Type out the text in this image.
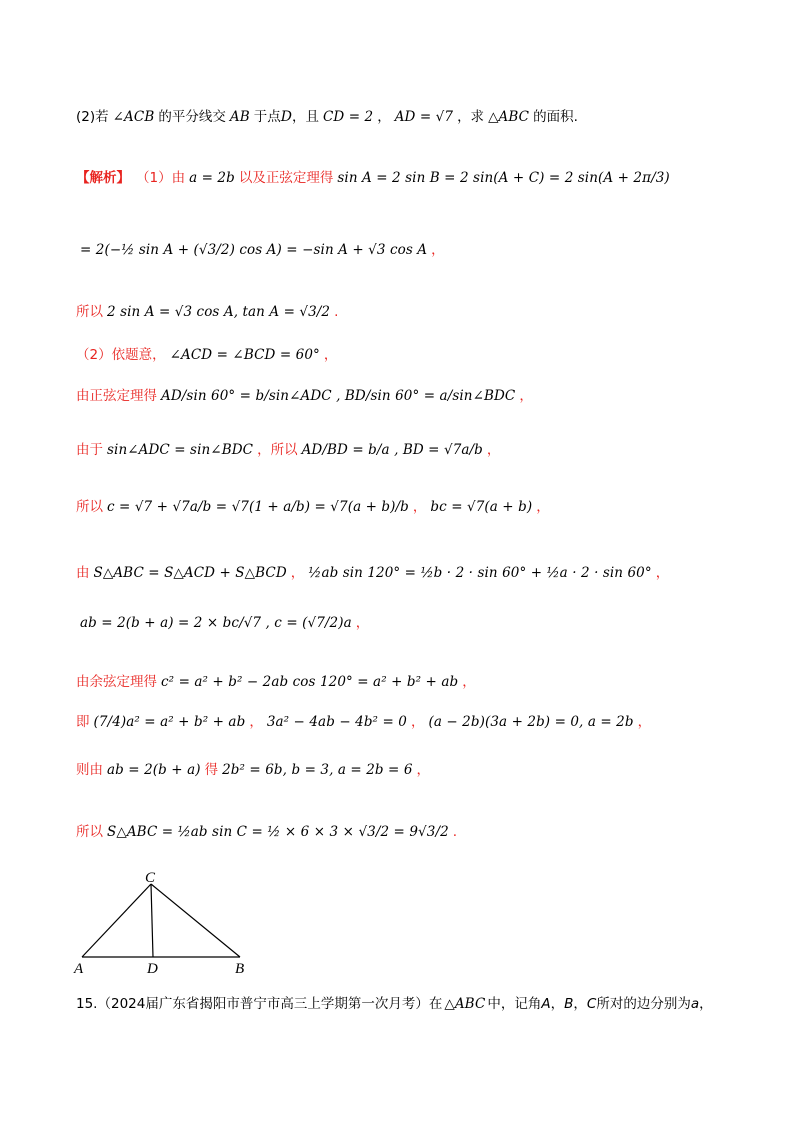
(2)若 ∠ACB 的平分线交 AB 于点 D ，且 CD = 2 ， AD = √7 ，求 △ABC 的面积.
【解析】 （1）由 a = 2b 以及正弦定理得 sin A = 2 sin B = 2 sin(A + C) = 2 sin(A + 2π/3)
= 2(−½ sin A + (√3/2) cos A) = −sin A + √3 cos A ，
所以 2 sin A = √3 cos A, tan A = √3/2 .
（2）依题意， ∠ACD = ∠BCD = 60° ，
由正弦定理得 AD/sin 60° = b/sin∠ADC , BD/sin 60° = a/sin∠BDC ，
由于 sin∠ADC = sin∠BDC ，所以 AD/BD = b/a , BD = √7a/b ，
所以 c = √7 + √7a/b = √7(1 + a/b) = √7(a + b)/b ， bc = √7(a + b) ，
由 S△ABC = S△ACD + S△BCD ， ½ab sin 120° = ½b · 2 · sin 60° + ½a · 2 · sin 60° ，
ab = 2(b + a) = 2 × bc/√7 , c = (√7/2)a ，
由余弦定理得 c² = a² + b² − 2ab cos 120° = a² + b² + ab ，
即 (7/4)a² = a² + b² + ab ， 3a² − 4ab − 4b² = 0 ， (a − 2b)(3a + 2b) = 0, a = 2b ，
则由 ab = 2(b + a) 得 2b² = 6b, b = 3, a = 2b = 6 ，
所以 S△ABC = ½ab sin C = ½ × 6 × 3 × √3/2 = 9√3/2 .
C
A	D	B
15.（2024届广东省揭阳市普宁市高三上学期第一次月考）在 △ABC 中，记角A，B，C所对的边分别为a，
